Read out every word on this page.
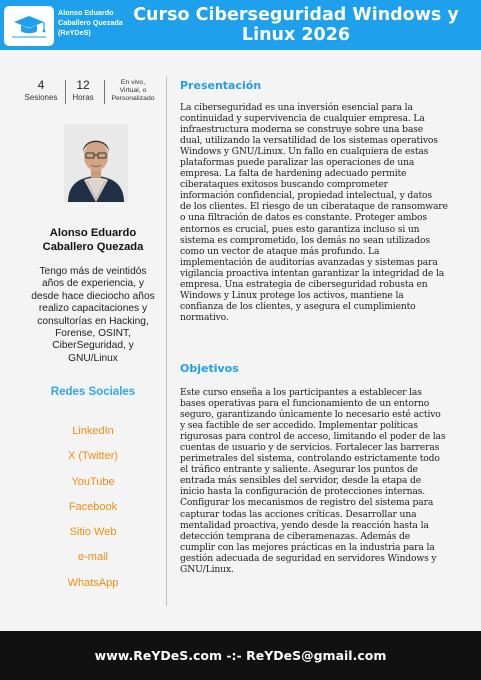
Alonso Eduardo
Caballero Quezada
(ReYDeS)
Curso Ciberseguridad Windows y
Linux 2026
4
Sesiones
12
Horas
En vivo,
Virtual, o
Personalizado
Alonso Eduardo
Caballero Quezada
Tengo más de veintidós
años de experiencia, y
desde hace dieciocho años
realizo capacitaciones y
consultorías en Hacking,
Forense, OSINT,
CiberSeguridad, y
GNU/Linux
Redes Sociales
LinkedIn
X (Twitter)
YouTube
Facebook
Sitio Web
e-mail
WhatsApp
Presentación
La ciberseguridad es una inversión esencial para la
continuidad y supervivencia de cualquier empresa. La
infraestructura moderna se construye sobre una base
dual, utilizando la versatilidad de los sistemas operativos
Windows y GNU/Linux. Un fallo en cualquiera de estas
plataformas puede paralizar las operaciones de una
empresa. La falta de hardening adecuado permite
ciberataques exitosos buscando comprometer
información confidencial, propiedad intelectual, y datos
de los clientes. El riesgo de un ciberataque de ransomware
o una filtración de datos es constante. Proteger ambos
entornos es crucial, pues esto garantiza incluso si un
sistema es comprometido, los demás no sean utilizados
como un vector de ataque más profundo. La
implementación de auditorías avanzadas y sistemas para
vigilancia proactiva intentan garantizar la integridad de la
empresa. Una estrategia de ciberseguridad robusta en
Windows y Linux protege los activos, mantiene la
confianza de los clientes, y asegura el cumplimiento
normativo.
Objetivos
Este curso enseña a los participantes a establecer las
bases operativas para el funcionamiento de un entorno
seguro, garantizando únicamente lo necesario esté activo
y sea factible de ser accedido. Implementar políticas
rigurosas para control de acceso, limitando el poder de las
cuentas de usuario y de servicios. Fortalecer las barreras
perimetrales del sistema, controlando estrictamente todo
el tráfico entrante y saliente. Asegurar los puntos de
entrada más sensibles del servidor, desde la etapa de
inicio hasta la configuración de protecciones internas.
Configurar los mecanismos de registro del sistema para
capturar todas las acciones críticas. Desarrollar una
mentalidad proactiva, yendo desde la reacción hasta la
detección temprana de ciberamenazas. Además de
cumplir con las mejores prácticas en la industria para la
gestión adecuada de seguridad en servidores Windows y
GNU/Linux.
www.ReYDeS.com -:- ReYDeS@gmail.com
